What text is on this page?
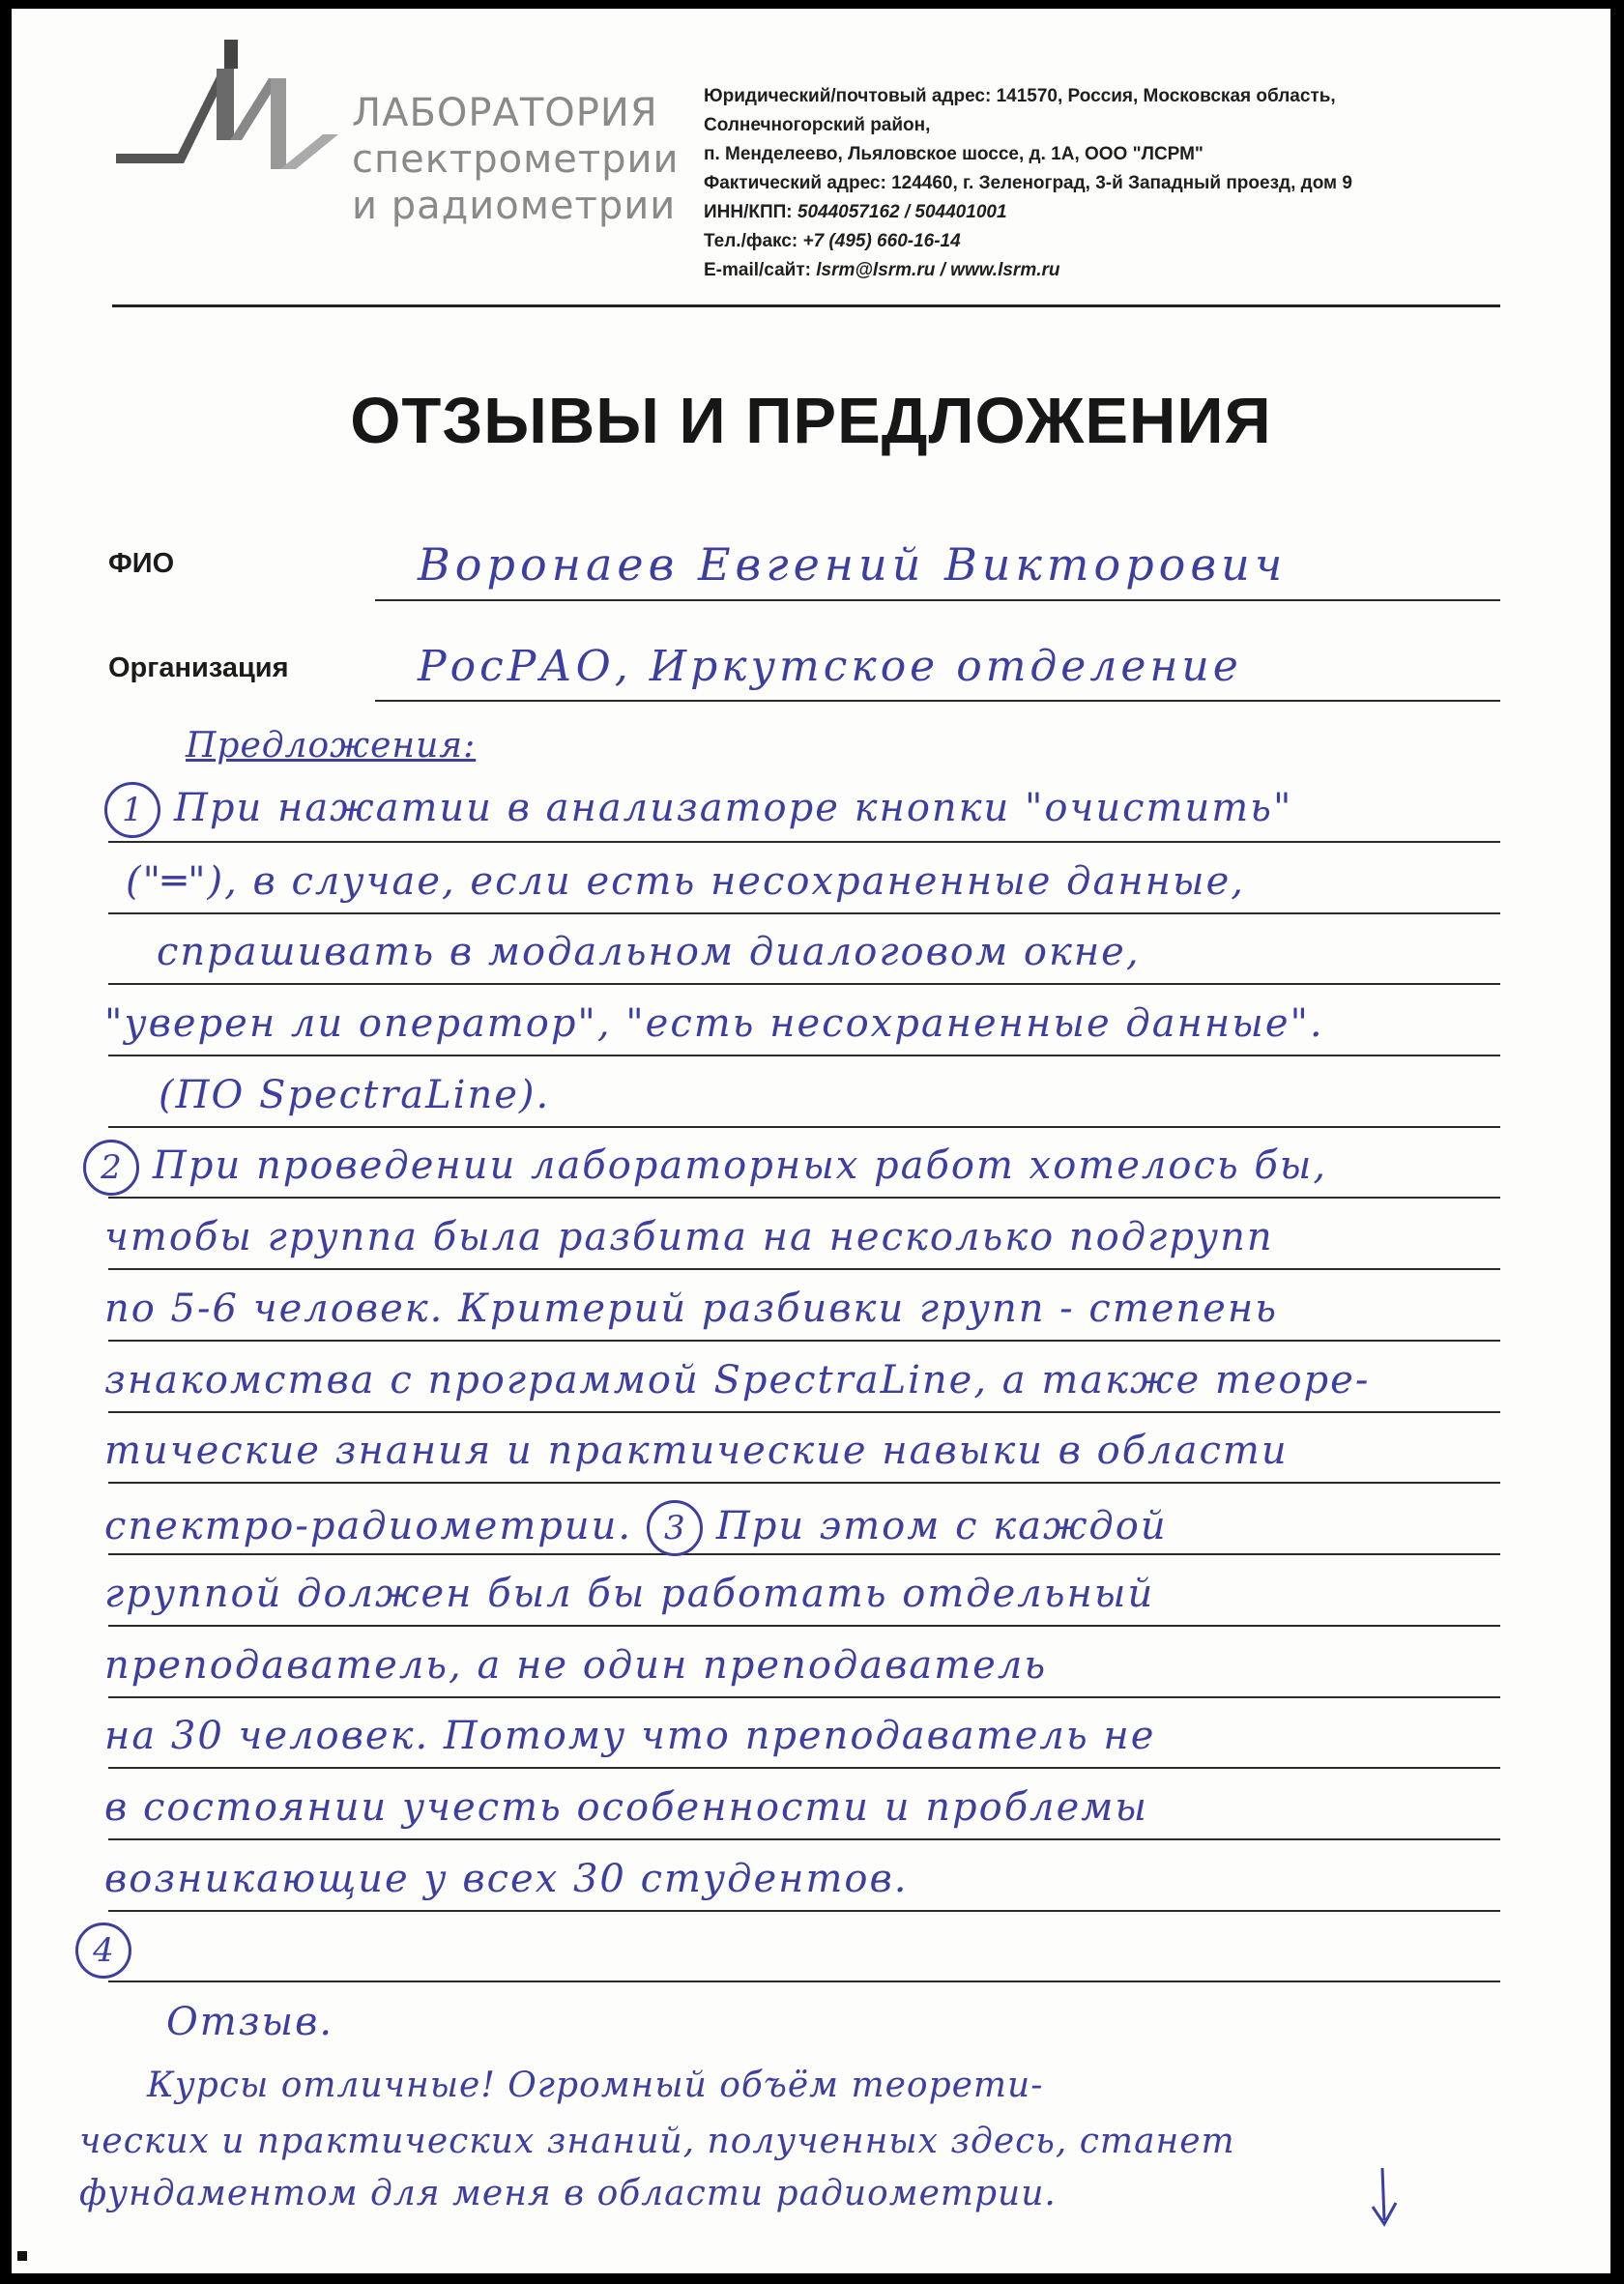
ЛАБОРАТОРИЯ
спектрометрии
и радиометрии
Юридический/почтовый адрес: 141570, Россия, Московская область,
Солнечногорский район,
п. Менделеево, Льяловское шоссе, д. 1А, ООО "ЛСРМ"
Фактический адрес: 124460, г. Зеленоград, 3-й Западный проезд, дом 9
ИНН/КПП: 5044057162 / 504401001
Тел./факс: +7 (495) 660-16-14
E-mail/сайт: lsrm@lsrm.ru / www.lsrm.ru
ОТЗЫВЫ И ПРЕДЛОЖЕНИЯ
ФИО	Воронаев Евгений Викторович
Организация	РосРАО, Иркутское отделение
Предложения:
1 При нажатии в анализаторе кнопки "очистить"
("═"), в случае, если есть несохраненные данные,
спрашивать в модальном диалоговом окне,
"уверен ли оператор", "есть несохраненные данные".
(ПО SpectraLine).
2 При проведении лабораторных работ хотелось бы,
чтобы группа была разбита на несколько подгрупп
по 5-6 человек. Критерий разбивки групп - степень
знакомства с программой SpectraLine, а также теоре-
тические знания и практические навыки в области
спектро-радиометрии. 3 При этом с каждой
группой должен был бы работать отдельный
преподаватель, а не один преподаватель
на 30 человек. Потому что преподаватель не
в состоянии учесть особенности и проблемы
возникающие у всех 30 студентов.
4
Отзыв.
Курсы отличные! Огромный объём теорети-
ческих и практических знаний, полученных здесь, станет
фундаментом для меня в области радиометрии.
